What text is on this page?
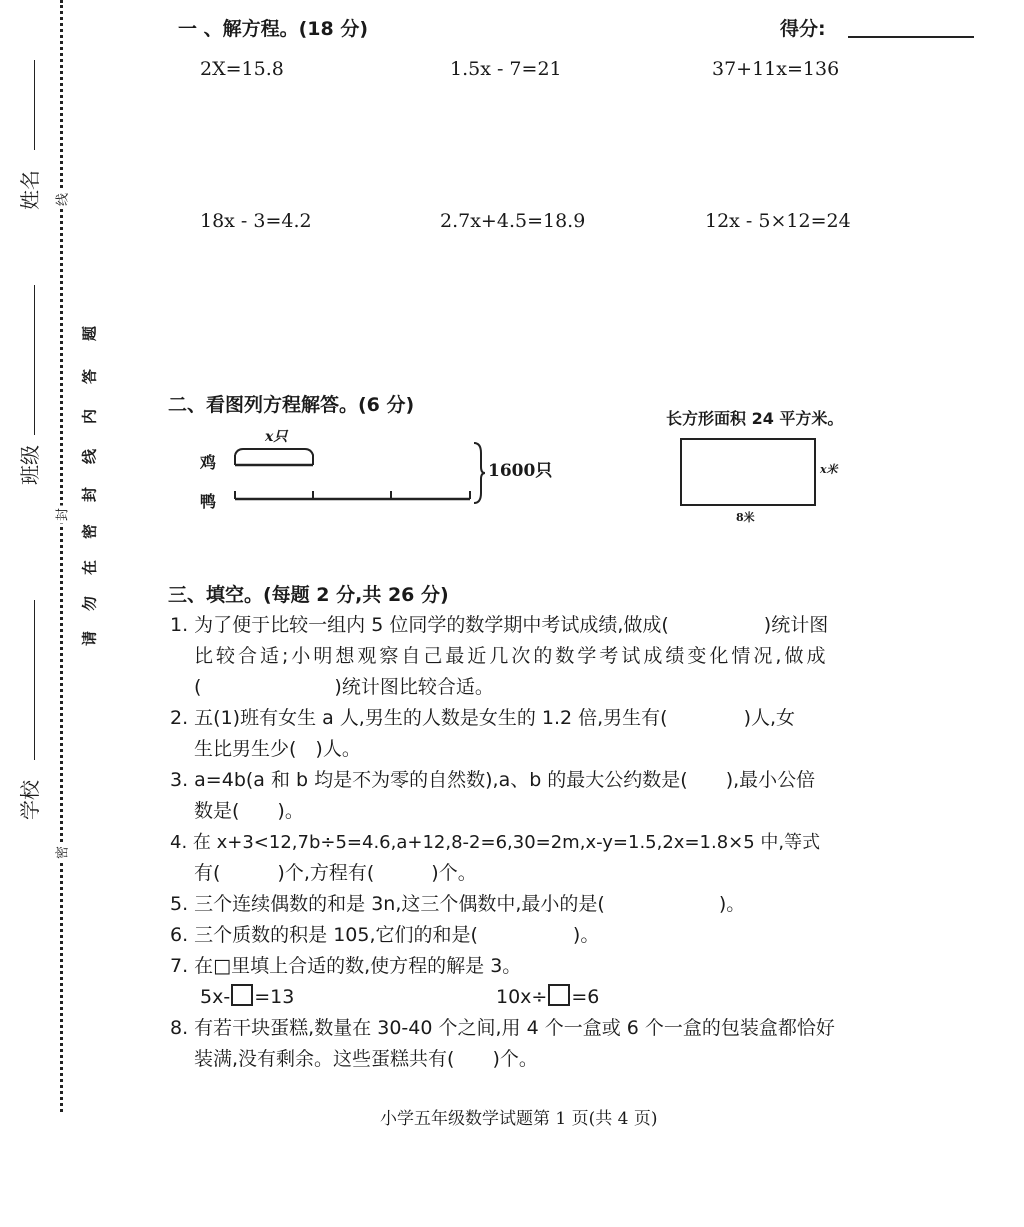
姓名
班级
学校
线
封
密
请
勿
在
密
封
线
内
答
题
一 、解方程。(18 分)	得分:
2X=15.8	1.5x - 7=21	37+11x=136
18x - 3=4.2	2.7x+4.5=18.9	12x - 5×12=24
二、看图列方程解答。(6 分)
鸡
鸭
x只
1600只
长方形面积 24 平方米。
8米
x米
三、填空。(每题 2 分,共 26 分)
1. 为了便于比较一组内 5 位同学的数学期中考试成绩,做成(　　　　　)统计图
比较合适;小明想观察自己最近几次的数学考试成绩变化情况,做成
(　　　　　　　)统计图比较合适。
2. 五(1)班有女生 a 人,男生的人数是女生的 1.2 倍,男生有(　　　　)人,女
生比男生少(　)人。
3. a=4b(a 和 b 均是不为零的自然数),a、b 的最大公约数是(　　),最小公倍
数是(　　)。
4. 在 x+3<12,7b÷5=4.6,a+12,8-2=6,30=2m,x-y=1.5,2x=1.8×5 中,等式
有(　　　)个,方程有(　　　)个。
5. 三个连续偶数的和是 3n,这三个偶数中,最小的是(　　　　　　)。
6. 三个质数的积是 105,它们的和是(　　　　　)。
7. 在□里填上合适的数,使方程的解是 3。
5x- =13	10x÷ =6
8. 有若干块蛋糕,数量在 30-40 个之间,用 4 个一盒或 6 个一盒的包装盒都恰好
装满,没有剩余。这些蛋糕共有(　　)个。
小学五年级数学试题第 1 页(共 4 页)
